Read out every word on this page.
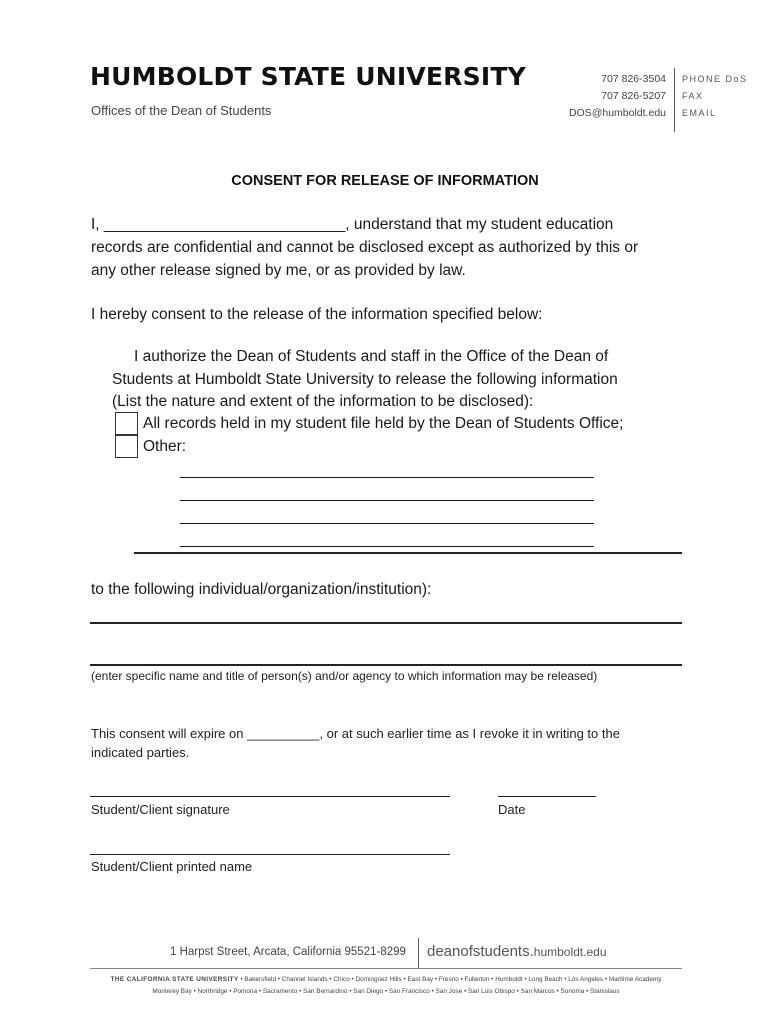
HUMBOLDT STATE UNIVERSITY
Offices of the Dean of Students
707 826-3504
707 826-5207
DOS@humboldt.edu
PHONE DoS
FAX
EMAIL
CONSENT FOR RELEASE OF INFORMATION
I, ____________________________, understand that my student education
records are confidential and cannot be disclosed except as authorized by this or
any other release signed by me, or as provided by law.
I hereby consent to the release of the information specified below:
I authorize the Dean of Students and staff in the Office of the Dean of
Students at Humboldt State University to release the following information
(List the nature and extent of the information to be disclosed):
All records held in my student file held by the Dean of Students Office;
Other:
________________________________________________
________________________________________________
________________________________________________
________________________________________________
to the following individual/organization/institution):
(enter specific name and title of person(s) and/or agency to which information may be released)
This consent will expire on __________, or at such earlier time as I revoke it in writing to the
indicated parties.
Student/Client signature	Date
Student/Client printed name
1 Harpst Street, Arcata, California 95521-8299 deanofstudents.humboldt.edu
THE CALIFORNIA STATE UNIVERSITY • Bakersfield • Channel Islands • Chico • Dominguez Hills • East Bay • Fresno • Fullerton • Humboldt • Long Beach • Los Angeles • Maritime Academy
Monterey Bay • Northridge • Pomona • Sacramento • San Bernardino • San Diego • San Francisco • San Jose • San Luis Obispo • San Marcos • Sonoma • Stanislaus
